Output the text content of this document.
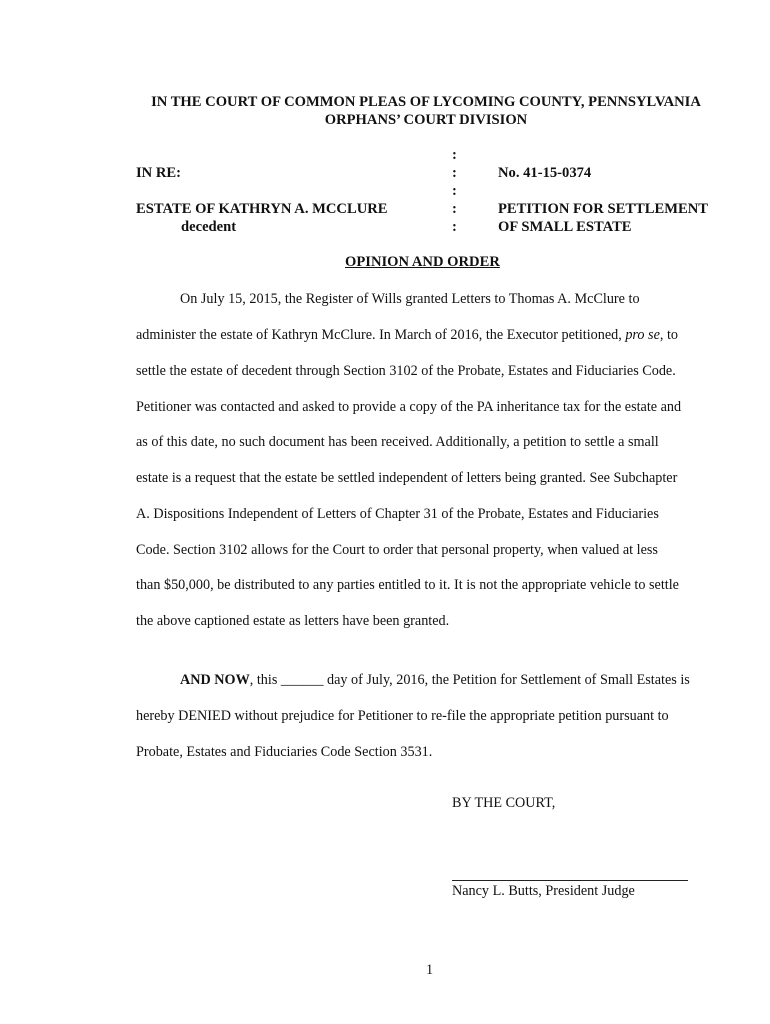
IN THE COURT OF COMMON PLEAS OF LYCOMING COUNTY, PENNSYLVANIA
ORPHANS’ COURT DIVISION
:
IN RE:	:	No. 41-15-0374
:
ESTATE OF KATHRYN A. MCCLURE	:	PETITION FOR SETTLEMENT
decedent	:	OF SMALL ESTATE
OPINION AND ORDER
On July 15, 2015, the Register of Wills granted Letters to Thomas A. McClure to
administer the estate of Kathryn McClure. In March of 2016, the Executor petitioned, pro se, to
settle the estate of decedent through Section 3102 of the Probate, Estates and Fiduciaries Code.
Petitioner was contacted and asked to provide a copy of the PA inheritance tax for the estate and
as of this date, no such document has been received. Additionally, a petition to settle a small
estate is a request that the estate be settled independent of letters being granted. See Subchapter
A. Dispositions Independent of Letters of Chapter 31 of the Probate, Estates and Fiduciaries
Code. Section 3102 allows for the Court to order that personal property, when valued at less
than $50,000, be distributed to any parties entitled to it. It is not the appropriate vehicle to settle
the above captioned estate as letters have been granted.
AND NOW, this ______ day of July, 2016, the Petition for Settlement of Small Estates is
hereby DENIED without prejudice for Petitioner to re-file the appropriate petition pursuant to
Probate, Estates and Fiduciaries Code Section 3531.
BY THE COURT,
Nancy L. Butts, President Judge
1
